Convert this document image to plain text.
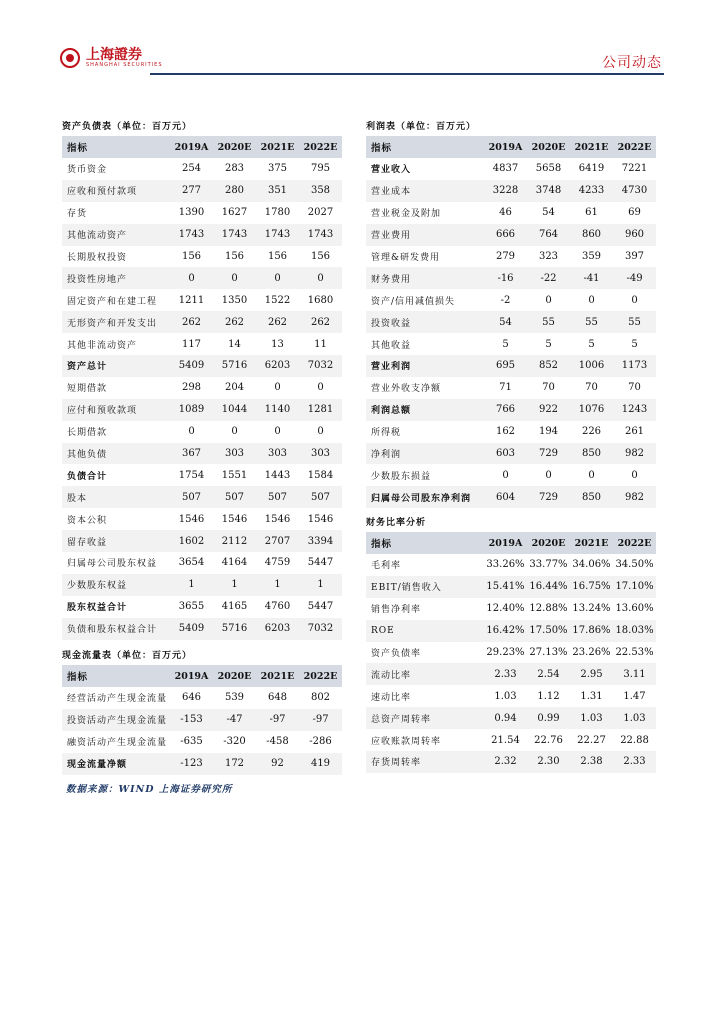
上海證券
SHANGHAI SECURITIES	公司动态
资产负债表（单位：百万元）				
指标	2019A	2020E	2021E	2022E
货币资金	254	283	375	795
应收和预付款项	277	280	351	358
存货	1390	1627	1780	2027
其他流动资产	1743	1743	1743	1743
长期股权投资	156	156	156	156
投资性房地产	0	0	0	0
固定资产和在建工程	1211	1350	1522	1680
无形资产和开发支出	262	262	262	262
其他非流动资产	117	14	13	11
资产总计	5409	5716	6203	7032
短期借款	298	204	0	0
应付和预收款项	1089	1044	1140	1281
长期借款	0	0	0	0
其他负债	367	303	303	303
负债合计	1754	1551	1443	1584
股本	507	507	507	507
资本公积	1546	1546	1546	1546
留存收益	1602	2112	2707	3394
归属母公司股东权益	3654	4164	4759	5447
少数股东权益	1	1	1	1
股东权益合计	3655	4165	4760	5447
负债和股东权益合计	5409	5716	6203	7032
现金流量表（单位：百万元）				
指标	2019A	2020E	2021E	2022E
经营活动产生现金流量	646	539	648	802
投资活动产生现金流量	-153	-47	-97	-97
融资活动产生现金流量	-635	-320	-458	-286
现金流量净额	-123	172	92	419
利润表（单位：百万元）				
指标	2019A	2020E	2021E	2022E
营业收入	4837	5658	6419	7221
营业成本	3228	3748	4233	4730
营业税金及附加	46	54	61	69
营业费用	666	764	860	960
管理&研发费用	279	323	359	397
财务费用	-16	-22	-41	-49
资产/信用减值损失	-2	0	0	0
投资收益	54	55	55	55
其他收益	5	5	5	5
营业利润	695	852	1006	1173
营业外收支净额	71	70	70	70
利润总额	766	922	1076	1243
所得税	162	194	226	261
净利润	603	729	850	982
少数股东损益	0	0	0	0
归属母公司股东净利润	604	729	850	982
财务比率分析				
指标	2019A	2020E	2021E	2022E
毛利率	33.26%	33.77%	34.06%	34.50%
EBIT/销售收入	15.41%	16.44%	16.75%	17.10%
销售净利率	12.40%	12.88%	13.24%	13.60%
ROE	16.42%	17.50%	17.86%	18.03%
资产负债率	29.23%	27.13%	23.26%	22.53%
流动比率	2.33	2.54	2.95	3.11
速动比率	1.03	1.12	1.31	1.47
总资产周转率	0.94	0.99	1.03	1.03
应收账款周转率	21.54	22.76	22.27	22.88
存货周转率	2.32	2.30	2.38	2.33
数据来源：WIND 上海证券研究所
